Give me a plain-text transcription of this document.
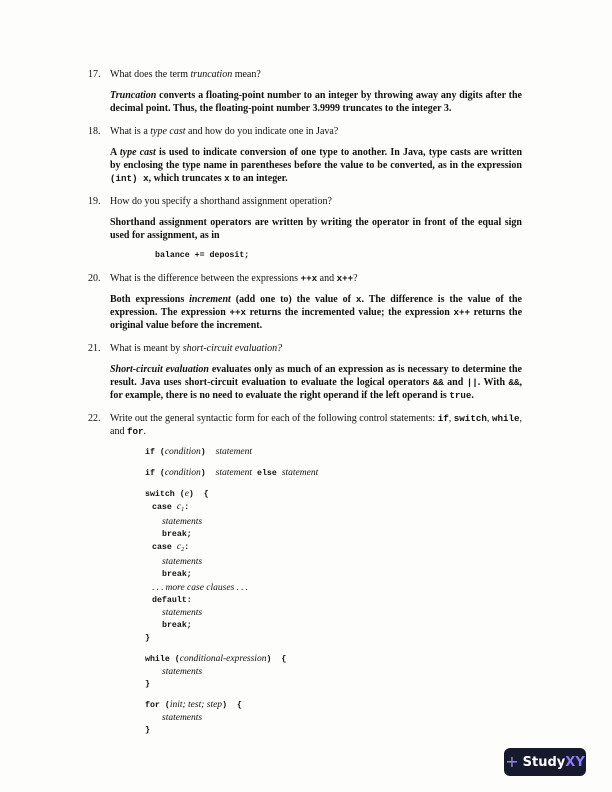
17. What does the term truncation mean?
Truncation converts a floating-point number to an integer by throwing away any digits after the decimal point. Thus, the floating-point number 3.9999 truncates to the integer 3.
18. What is a type cast and how do you indicate one in Java?
A type cast is used to indicate conversion of one type to another. In Java, type casts are written by enclosing the type name in parentheses before the value to be converted, as in the expression (int) x, which truncates x to an integer.
19. How do you specify a shorthand assignment operation?
Shorthand assignment operators are written by writing the operator in front of the equal sign used for assignment, as in
balance += deposit;
20. What is the difference between the expressions ++x and x++?
Both expressions increment (add one to) the value of x. The difference is the value of the expression. The expression ++x returns the incremented value; the expression x++ returns the original value before the increment.
21. What is meant by short-circuit evaluation?
Short-circuit evaluation evaluates only as much of an expression as is necessary to determine the result. Java uses short-circuit evaluation to evaluate the logical operators && and ||. With &&, for example, there is no need to evaluate the right operand if the left operand is true.
22. Write out the general syntactic form for each of the following control statements: if, switch, while, and for.
if (condition)  statement
if (condition)  statement else statement
switch (e)  {
case $c_1$:
statements
break;
case $c_2$:
statements
break;
. . . more case clauses . . .
default:
statements
break;
}
while (conditional-expression)  {
statements
}
for (init; test; step)  {
statements
}
+ StudyXY
